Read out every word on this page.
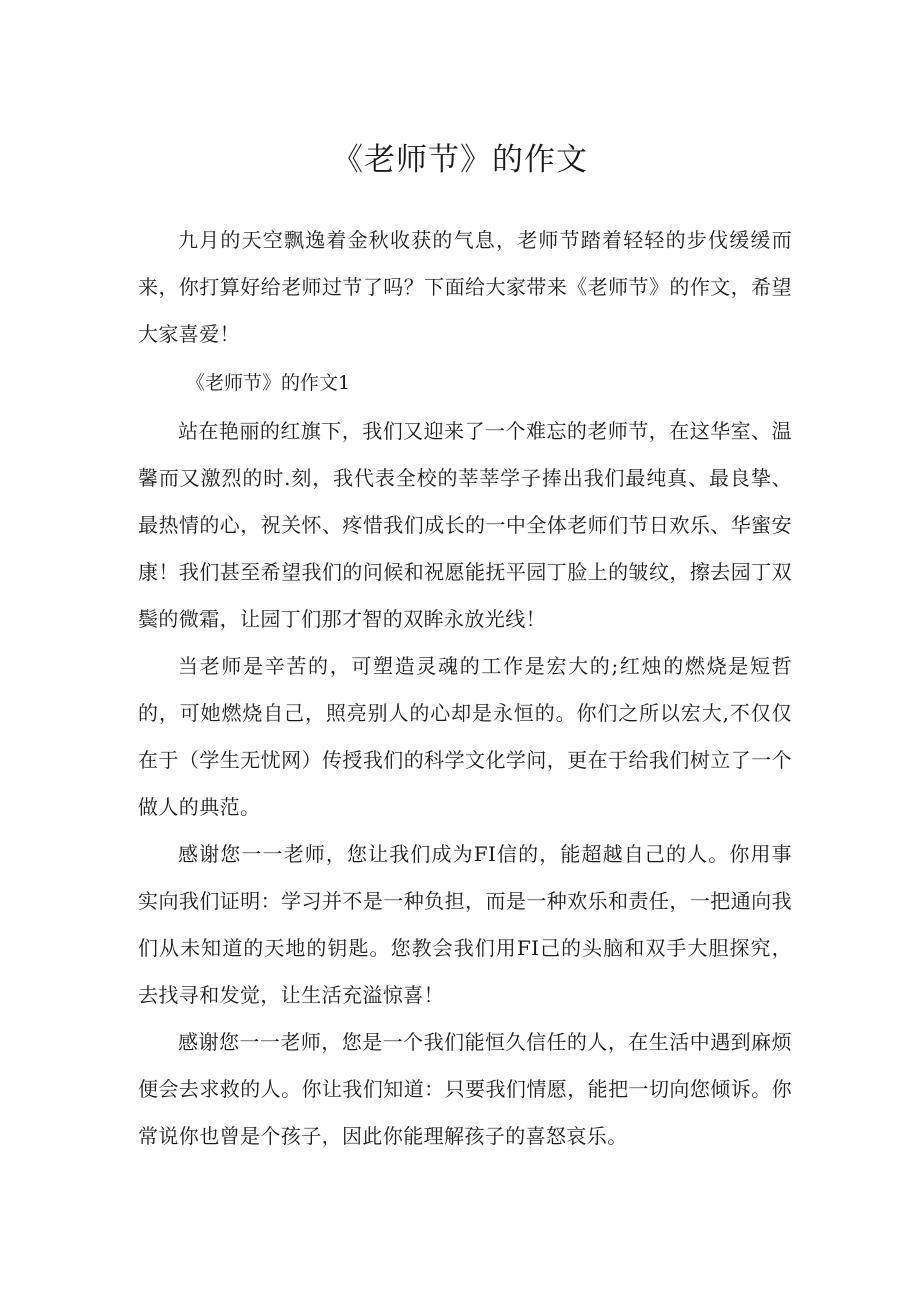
《老师节》的作文

九月的天空飘逸着金秋收获的气息，老师节踏着轻轻的步伐缓缓而来，你打算好给老师过节了吗？下面给大家带来《老师节》的作文，希望大家喜爱！

《老师节》的作文1

站在艳丽的红旗下，我们又迎来了一个难忘的老师节，在这华室、温馨而又激烈的时.刻，我代表全校的莘莘学子捧出我们最纯真、最良挚、最热情的心，祝关怀、疼惜我们成长的一中全体老师们节日欢乐、华蜜安康！我们甚至希望我们的问候和祝愿能抚平园丁脸上的皱纹，擦去园丁双鬓的微霜，让园丁们那才智的双眸永放光线！

当老师是辛苦的，可塑造灵魂的工作是宏大的;红烛的燃烧是短哲的，可她燃烧自己，照亮别人的心却是永恒的。你们之所以宏大,不仅仅在于（学生无忧网）传授我们的科学文化学问，更在于给我们树立了一个做人的典范。

感谢您一一老师，您让我们成为FI信的，能超越自己的人。你用事实向我们证明：学习并不是一种负担，而是一种欢乐和责任，一把通向我们从未知道的天地的钥匙。您教会我们用FI己的头脑和双手大胆探究，去找寻和发觉，让生活充溢惊喜！

感谢您一一老师，您是一个我们能恒久信任的人，在生活中遇到麻烦便会去求救的人。你让我们知道：只要我们情愿，能把一切向您倾诉。你常说你也曾是个孩子，因此你能理解孩子的喜怒哀乐。
